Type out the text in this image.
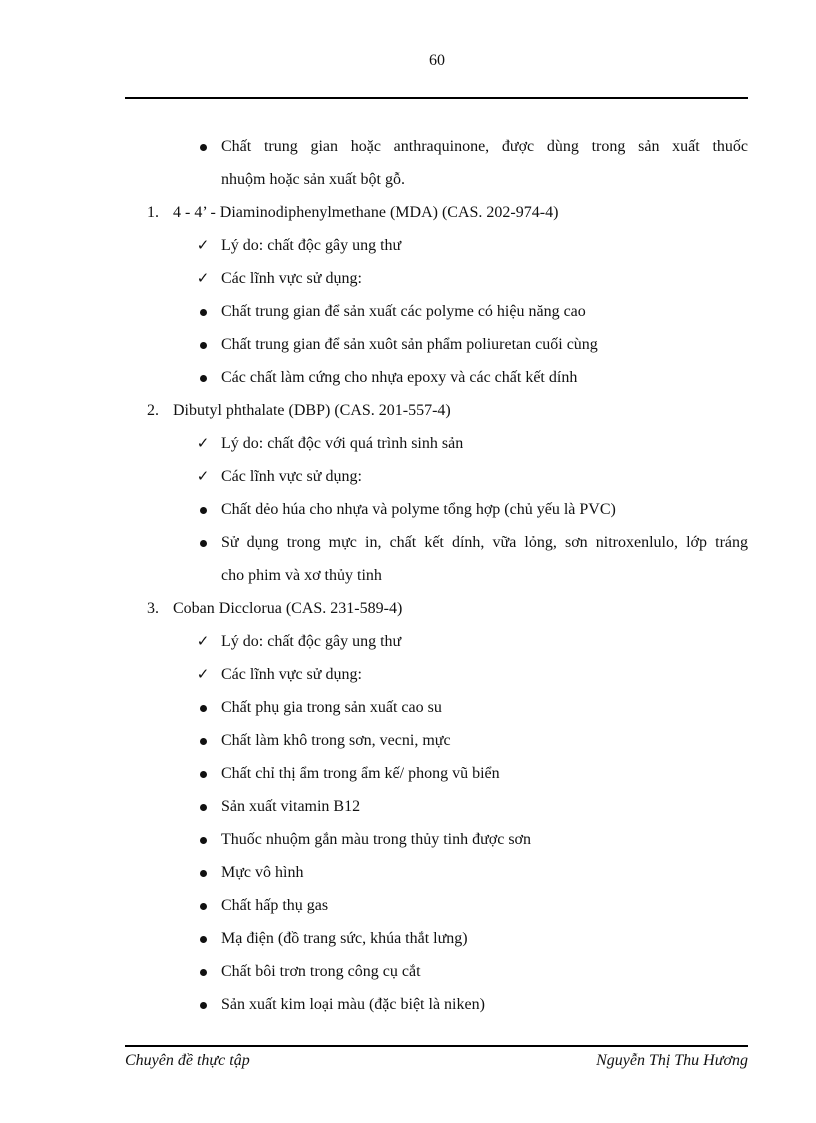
60
Chất trung gian hoặc anthraquinone, được dùng trong sản xuất thuốc
nhuộm hoặc sản xuất bột gỗ.
1. 4 - 4’ - Diaminodiphenylmethane (MDA) (CAS. 202-974-4)
✓ Lý do: chất độc gây ung thư
✓ Các lĩnh vực sử dụng:
Chất trung gian để sản xuất các polyme có hiệu năng cao
Chất trung gian để sản xuôt sản phẩm poliuretan cuối cùng
Các chất làm cứng cho nhựa epoxy và các chất kết dính
2. Dibutyl phthalate (DBP) (CAS. 201-557-4)
✓ Lý do: chất độc với quá trình sinh sản
✓ Các lĩnh vực sử dụng:
Chất dẻo húa cho nhựa và polyme tổng hợp (chủ yếu là PVC)
Sử dụng trong mực in, chất kết dính, vữa lỏng, sơn nitroxenlulo, lớp tráng
cho phim và xơ thủy tinh
3. Coban Dicclorua (CAS. 231-589-4)
✓ Lý do: chất độc gây ung thư
✓ Các lĩnh vực sử dụng:
Chất phụ gia trong sản xuất cao su
Chất làm khô trong sơn, vecni, mực
Chất chỉ thị ẩm trong ẩm kế/ phong vũ biển
Sản xuất vitamin B12
Thuốc nhuộm gắn màu trong thủy tinh được sơn
Mực vô hình
Chất hấp thụ gas
Mạ điện (đồ trang sức, khúa thắt lưng)
Chất bôi trơn trong công cụ cắt
Sản xuất kim loại màu (đặc biệt là niken)
Chuyên đề thực tập	Nguyễn Thị Thu Hương
